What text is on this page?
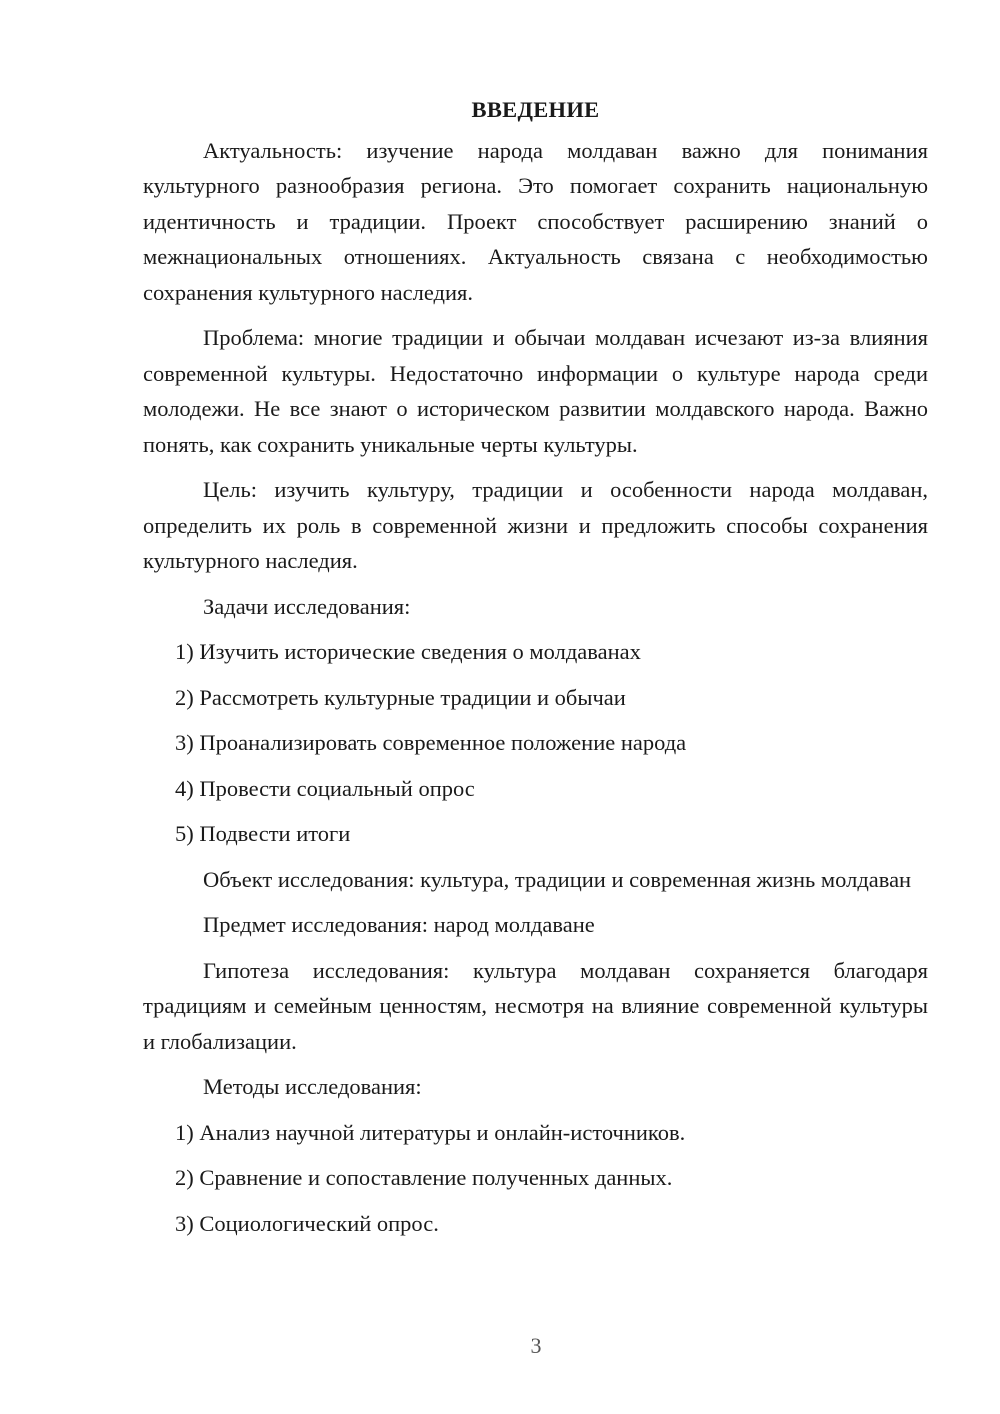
ВВЕДЕНИЕ

Актуальность: изучение народа молдаван важно для понимания культурного разнообразия региона. Это помогает сохранить национальную идентичность и традиции. Проект способствует расширению знаний о межнациональных отношениях. Актуальность связана с необходимостью сохранения культурного наследия.

Проблема: многие традиции и обычаи молдаван исчезают из-за влияния современной культуры. Недостаточно информации о культуре народа среди молодежи. Не все знают о историческом развитии молдавского народа. Важно понять, как сохранить уникальные черты культуры.

Цель: изучить культуру, традиции и особенности народа молдаван, определить их роль в современной жизни и предложить способы сохранения культурного наследия.

Задачи исследования:

1) Изучить исторические сведения о молдаванах
2) Рассмотреть культурные традиции и обычаи
3) Проанализировать современное положение народа
4) Провести социальный опрос
5) Подвести итоги

Объект исследования: культура, традиции и современная жизнь молдаван

Предмет исследования: народ молдаване

Гипотеза исследования: культура молдаван сохраняется благодаря традициям и семейным ценностям, несмотря на влияние современной культуры и глобализации.

Методы исследования:

1) Анализ научной литературы и онлайн-источников.
2) Сравнение и сопоставление полученных данных.
3) Социологический опрос.
3
